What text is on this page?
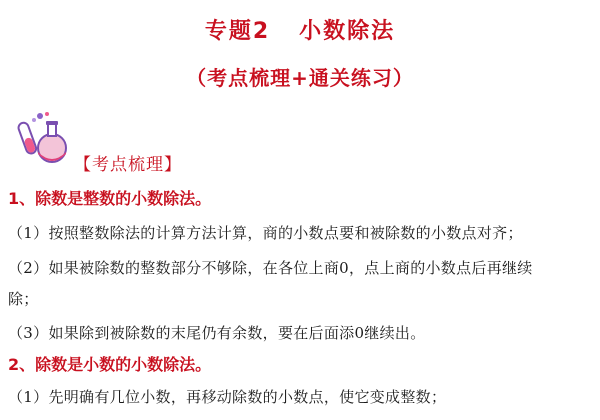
专题2   小数除法
（考点梳理+通关练习）
【考点梳理】
1、除数是整数的小数除法。
（1）按照整数除法的计算方法计算，商的小数点要和被除数的小数点对齐；
（2）如果被除数的整数部分不够除，在各位上商0，点上商的小数点后再继续
除；
（3）如果除到被除数的末尾仍有余数，要在后面添0继续出。
2、除数是小数的小数除法。
（1）先明确有几位小数，再移动除数的小数点，使它变成整数；
